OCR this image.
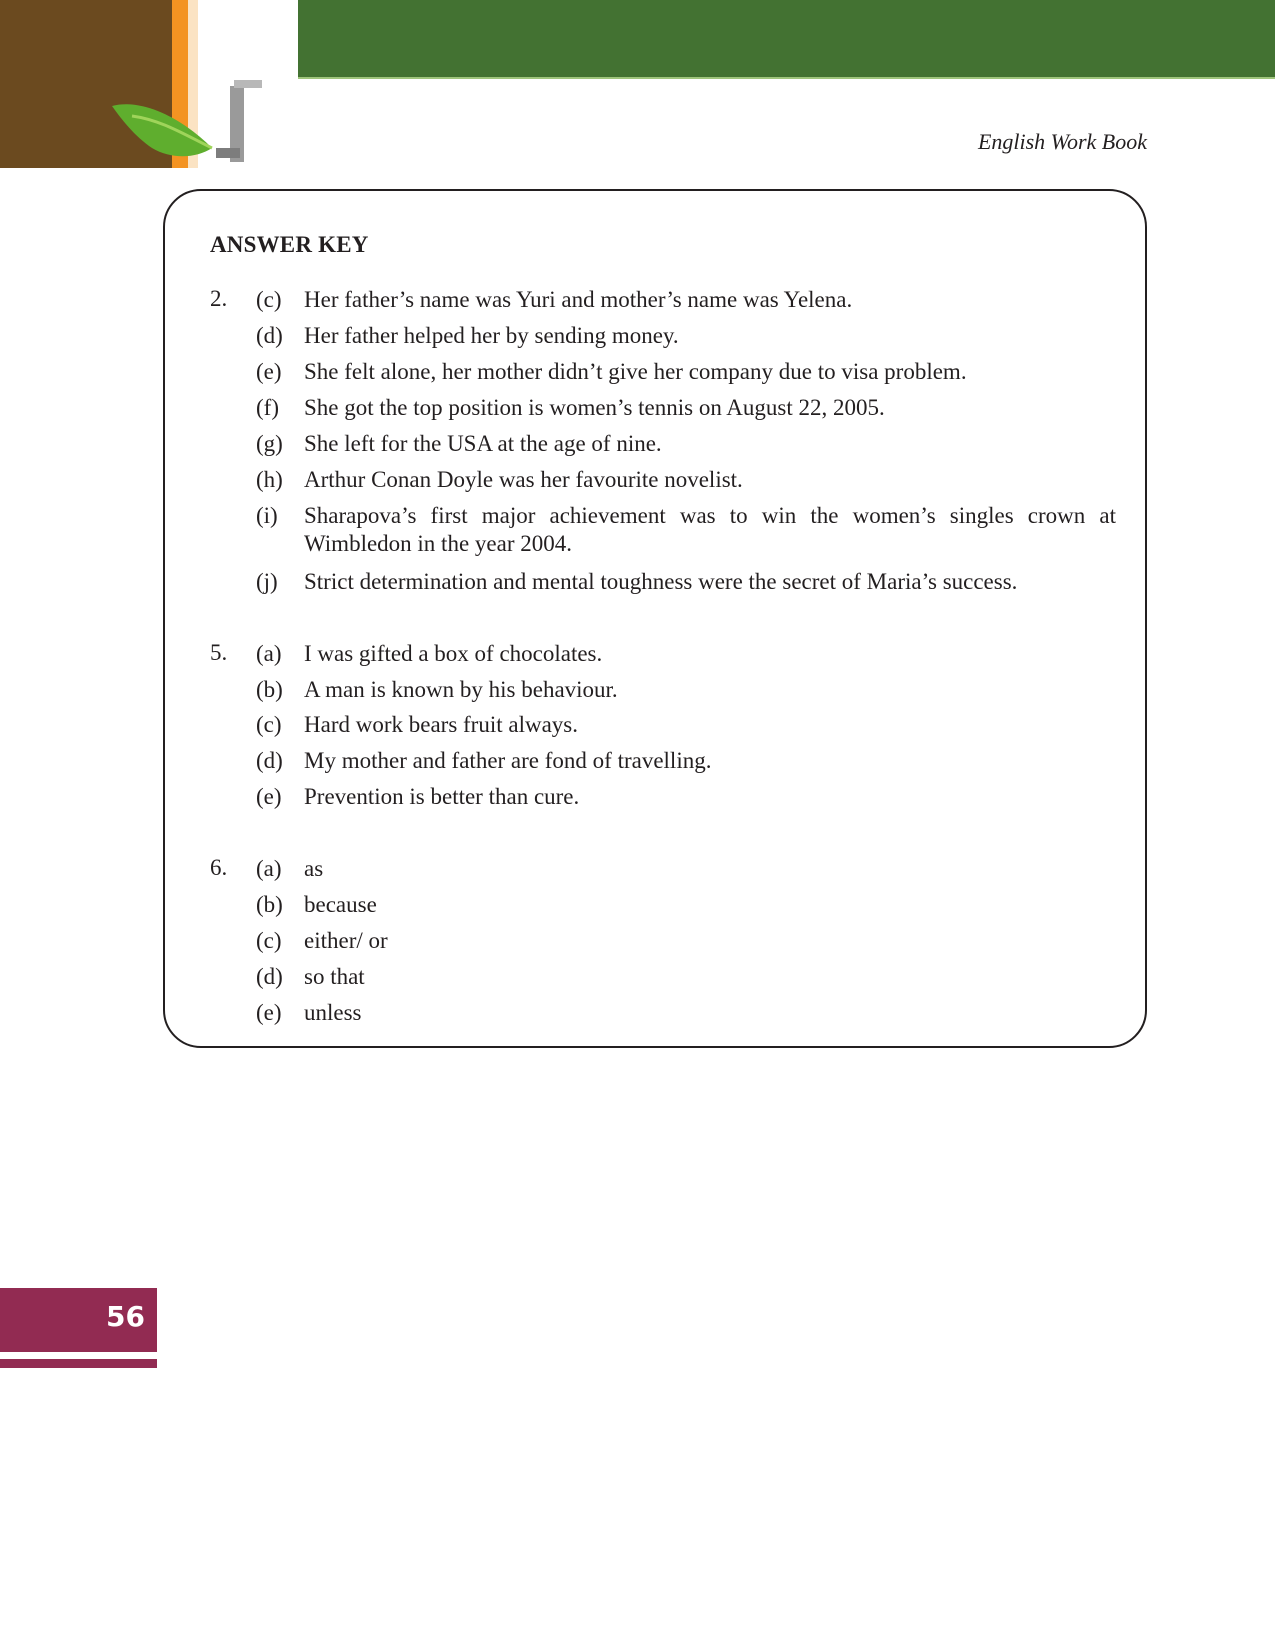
English Work Book
ANSWER KEY
2. (c) Her father’s name was Yuri and mother’s name was Yelena.
(d) Her father helped her by sending money.
(e) She felt alone, her mother didn’t give her company due to visa problem.
(f)	She got the top position is women’s tennis on August 22, 2005.
(g) She left for the USA at the age of nine.
(h) Arthur Conan Doyle was her favourite novelist.
(i)	Sharapova’s first major achievement was to win the women’s singles crown at Wimbledon in the year 2004.
(j)	Strict determination and mental toughness were the secret of Maria’s success.
5. (a) I was gifted a box of chocolates.
(b) A man is known by his behaviour.
(c) Hard work bears fruit always.
(d) My mother and father are fond of travelling.
(e) Prevention is better than cure.
6. (a) as
(b) because
(c) either/ or
(d) so that
(e) unless
56
